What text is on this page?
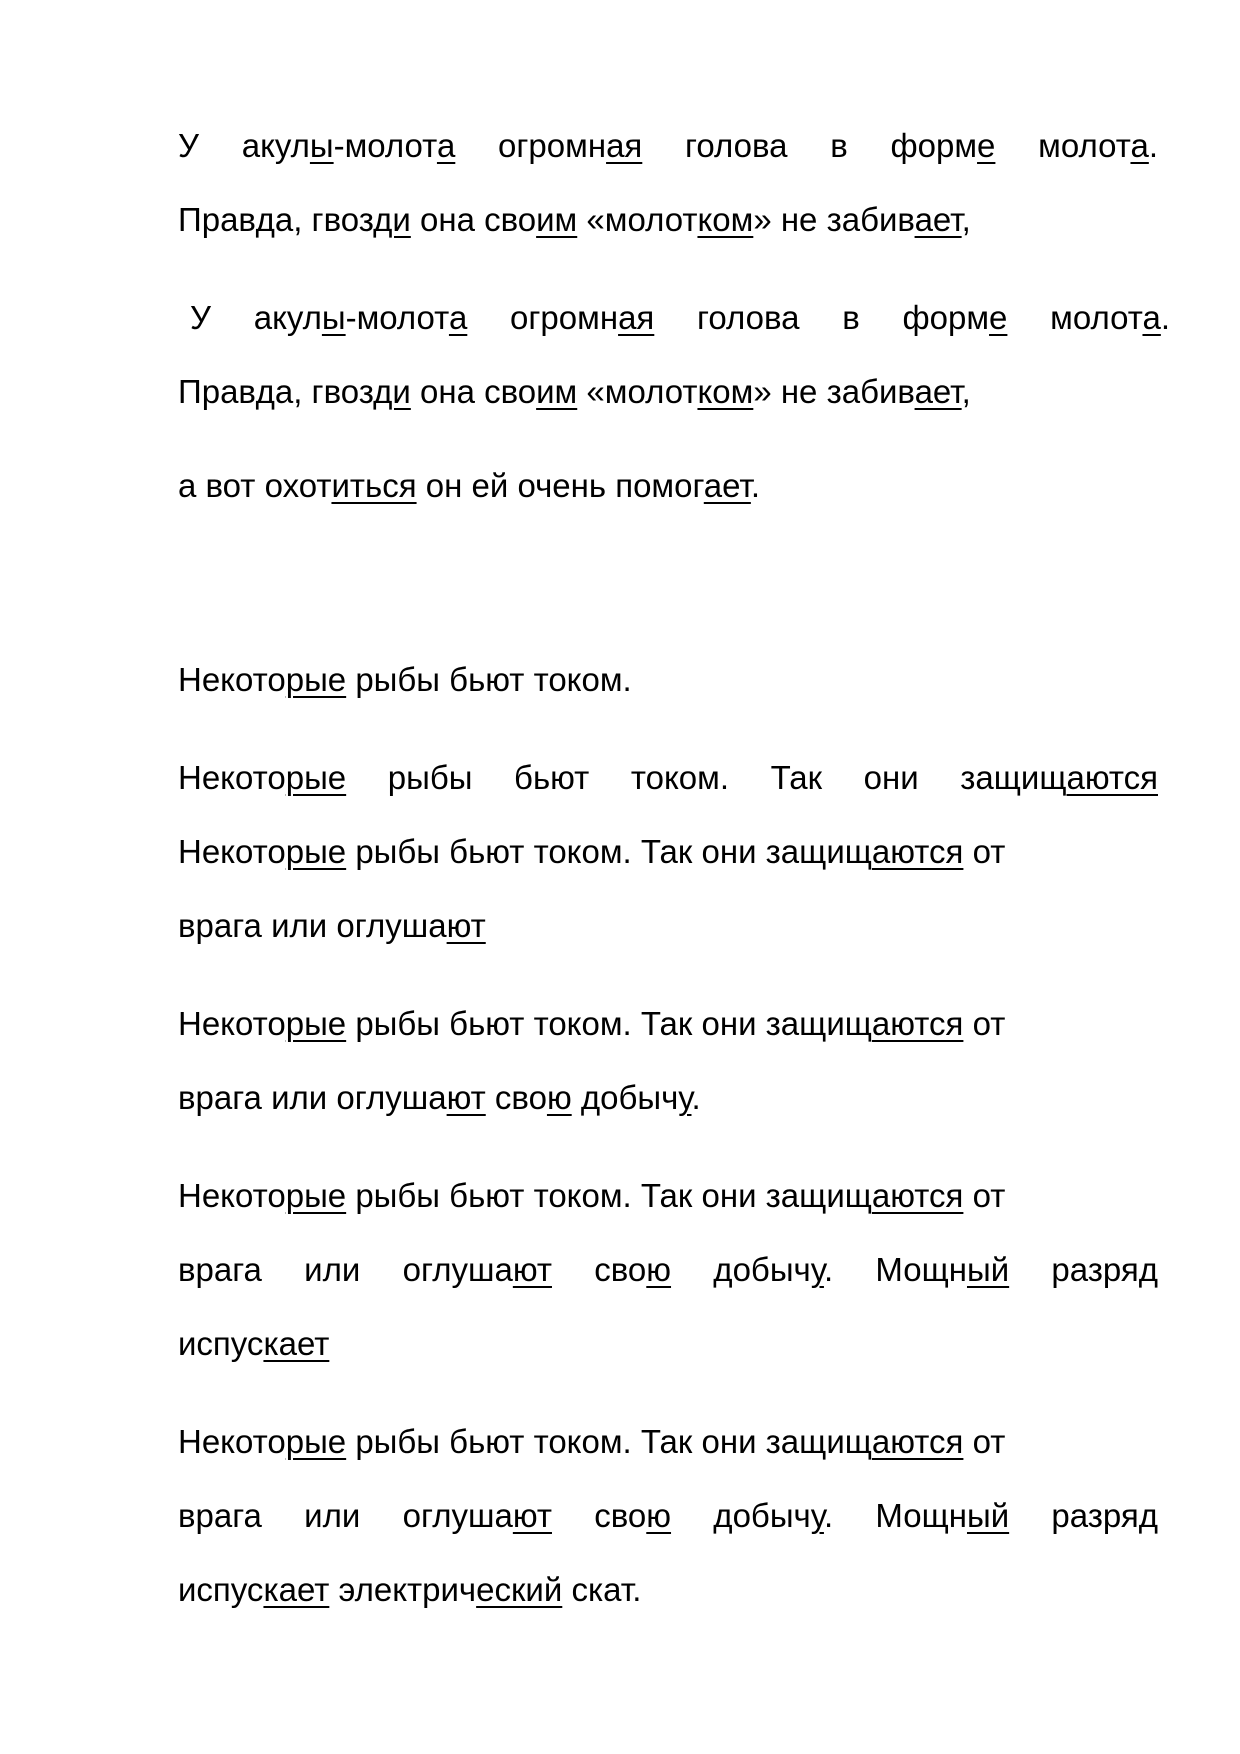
У акулы-молота огромная голова в форме молота.
Правда, гвозди она своим «молотком» не забивает,
У акулы-молота огромная голова в форме молота.
Правда, гвозди она своим «молотком» не забивает,
а вот охотиться он ей очень помогает.
Некоторые рыбы бьют током.
Некоторые рыбы бьют током. Так они защищаются
Некоторые рыбы бьют током. Так они защищаются от
врага или оглушают
Некоторые рыбы бьют током. Так они защищаются от
врага или оглушают свою добычу.
Некоторые рыбы бьют током. Так они защищаются от
врага или оглушают свою добычу. Мощный разряд
испускает
Некоторые рыбы бьют током. Так они защищаются от
врага или оглушают свою добычу. Мощный разряд
испускает электрический скат.
